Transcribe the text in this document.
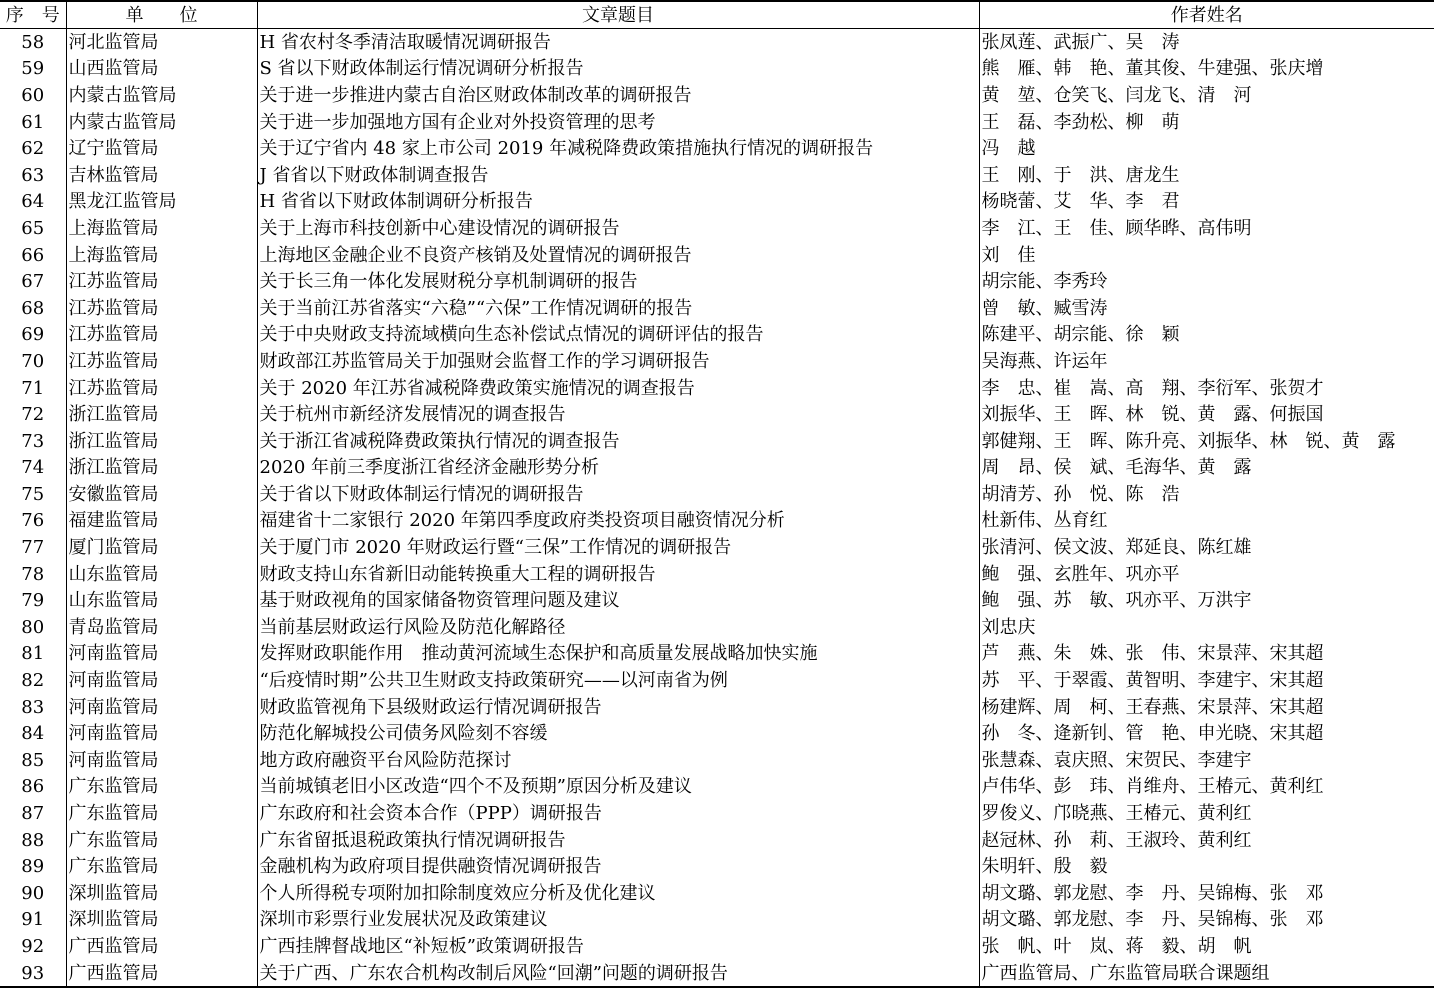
序　号	单　　位	文章题目	作者姓名
58	河北监管局	H 省农村冬季清洁取暖情况调研报告	张凤莲、武振广、吴　涛
59	山西监管局	S 省以下财政体制运行情况调研分析报告	熊　雁、韩　艳、董其俊、牛建强、张庆增
60	内蒙古监管局	关于进一步推进内蒙古自治区财政体制改革的调研报告	黄　堃、仓笑飞、闫龙飞、清　河
61	内蒙古监管局	关于进一步加强地方国有企业对外投资管理的思考	王　磊、李劲松、柳　萌
62	辽宁监管局	关于辽宁省内 48 家上市公司 2019 年减税降费政策措施执行情况的调研报告	冯　越
63	吉林监管局	J 省省以下财政体制调查报告	王　刚、于　洪、唐龙生
64	黑龙江监管局	H 省省以下财政体制调研分析报告	杨晓蕾、艾　华、李　君
65	上海监管局	关于上海市科技创新中心建设情况的调研报告	李　江、王　佳、顾华晔、高伟明
66	上海监管局	上海地区金融企业不良资产核销及处置情况的调研报告	刘　佳
67	江苏监管局	关于长三角一体化发展财税分享机制调研的报告	胡宗能、李秀玲
68	江苏监管局	关于当前江苏省落实“六稳”“六保”工作情况调研的报告	曾　敏、臧雪涛
69	江苏监管局	关于中央财政支持流域横向生态补偿试点情况的调研评估的报告	陈建平、胡宗能、徐　颖
70	江苏监管局	财政部江苏监管局关于加强财会监督工作的学习调研报告	吴海燕、许运年
71	江苏监管局	关于 2020 年江苏省减税降费政策实施情况的调查报告	李　忠、崔　嵩、高　翔、李衍军、张贺才
72	浙江监管局	关于杭州市新经济发展情况的调查报告	刘振华、王　晖、林　锐、黄　露、何振国
73	浙江监管局	关于浙江省减税降费政策执行情况的调查报告	郭健翔、王　晖、陈升亮、刘振华、林　锐、黄　露
74	浙江监管局	2020 年前三季度浙江省经济金融形势分析	周　昂、侯　斌、毛海华、黄　露
75	安徽监管局	关于省以下财政体制运行情况的调研报告	胡清芳、孙　悦、陈　浩
76	福建监管局	福建省十二家银行 2020 年第四季度政府类投资项目融资情况分析	杜新伟、丛育红
77	厦门监管局	关于厦门市 2020 年财政运行暨“三保”工作情况的调研报告	张清河、侯文波、郑延良、陈红雄
78	山东监管局	财政支持山东省新旧动能转换重大工程的调研报告	鲍　强、玄胜年、巩亦平
79	山东监管局	基于财政视角的国家储备物资管理问题及建议	鲍　强、苏　敏、巩亦平、万洪宇
80	青岛监管局	当前基层财政运行风险及防范化解路径	刘忠庆
81	河南监管局	发挥财政职能作用　推动黄河流域生态保护和高质量发展战略加快实施	芦　燕、朱　姝、张　伟、宋景萍、宋其超
82	河南监管局	“后疫情时期”公共卫生财政支持政策研究——以河南省为例	苏　平、于翠霞、黄智明、李建宇、宋其超
83	河南监管局	财政监管视角下县级财政运行情况调研报告	杨建辉、周　柯、王春燕、宋景萍、宋其超
84	河南监管局	防范化解城投公司债务风险刻不容缓	孙　冬、逄新钊、管　艳、申光晓、宋其超
85	河南监管局	地方政府融资平台风险防范探讨	张慧森、袁庆照、宋贺民、李建宇
86	广东监管局	当前城镇老旧小区改造“四个不及预期”原因分析及建议	卢伟华、彭　玮、肖维舟、王椿元、黄利红
87	广东监管局	广东政府和社会资本合作（PPP）调研报告	罗俊义、邝晓燕、王椿元、黄利红
88	广东监管局	广东省留抵退税政策执行情况调研报告	赵冠林、孙　莉、王淑玲、黄利红
89	广东监管局	金融机构为政府项目提供融资情况调研报告	朱明轩、殷　毅
90	深圳监管局	个人所得税专项附加扣除制度效应分析及优化建议	胡文璐、郭龙慰、李　丹、吴锦梅、张　邓
91	深圳监管局	深圳市彩票行业发展状况及政策建议	胡文璐、郭龙慰、李　丹、吴锦梅、张　邓
92	广西监管局	广西挂牌督战地区“补短板”政策调研报告	张　帆、叶　岚、蒋　毅、胡　帆
93	广西监管局	关于广西、广东农合机构改制后风险“回潮”问题的调研报告	广西监管局、广东监管局联合课题组
